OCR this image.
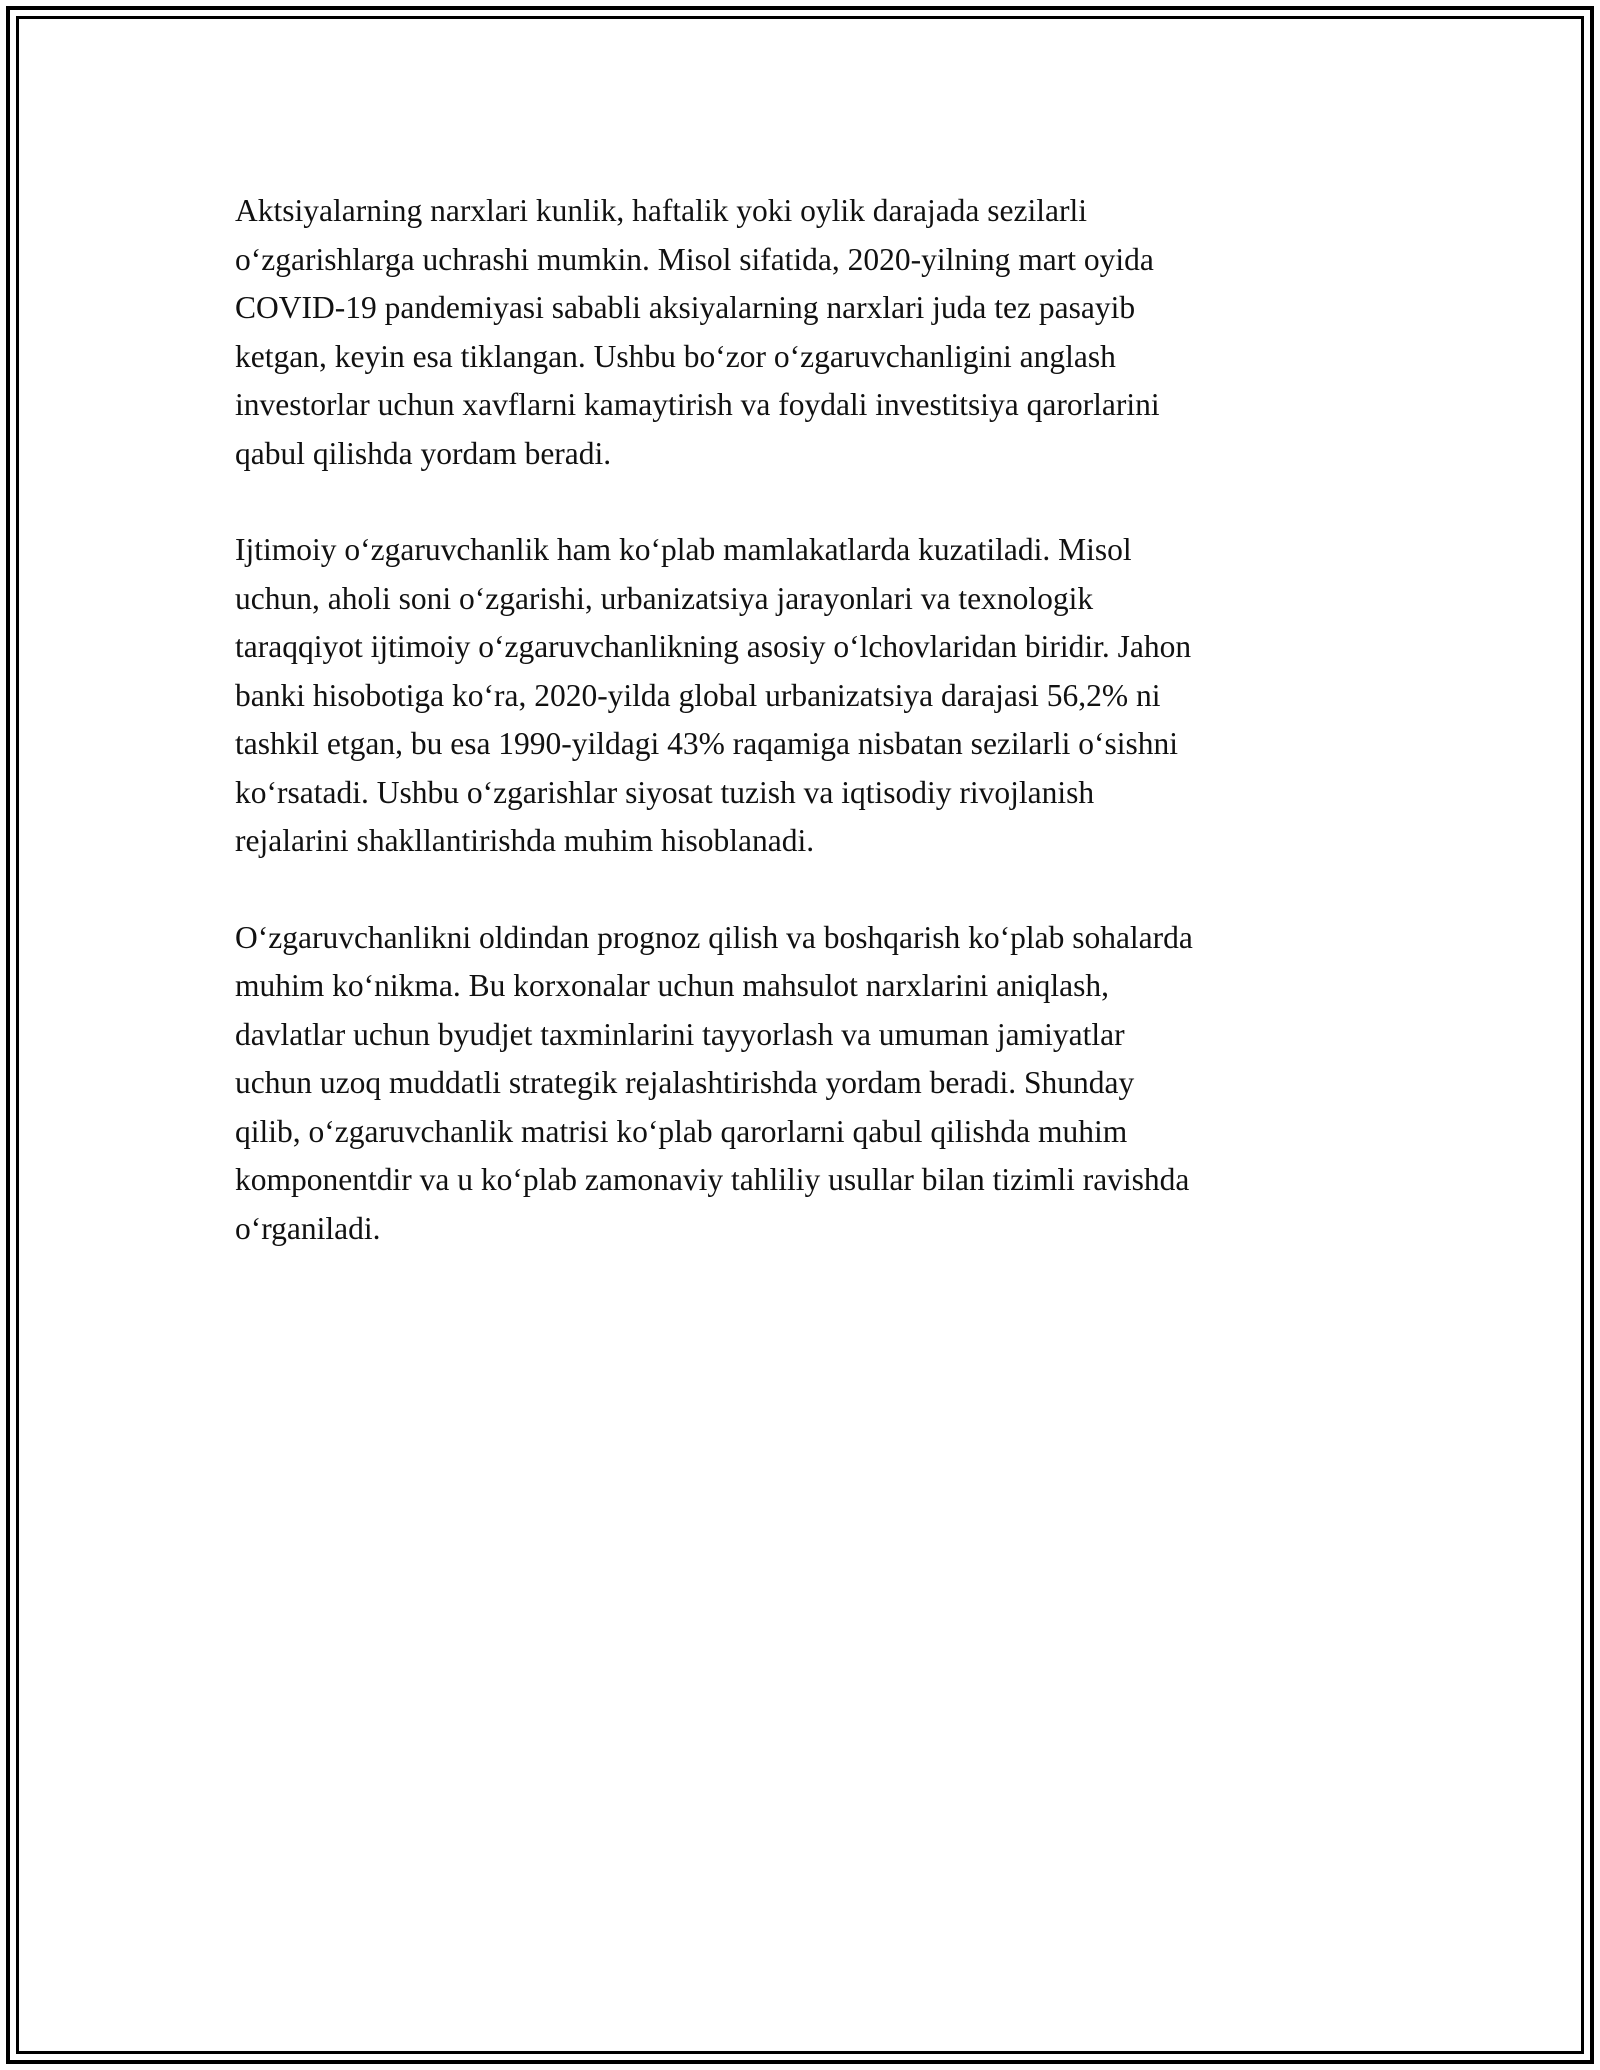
Aktsiyalarning narxlari kunlik, haftalik yoki oylik darajada sezilarli
o‘zgarishlarga uchrashi mumkin. Misol sifatida, 2020-yilning mart oyida
COVID-19 pandemiyasi sababli aksiyalarning narxlari juda tez pasayib
ketgan, keyin esa tiklangan. Ushbu bo‘zor o‘zgaruvchanligini anglash
investorlar uchun xavflarni kamaytirish va foydali investitsiya qarorlarini
qabul qilishda yordam beradi.

Ijtimoiy o‘zgaruvchanlik ham ko‘plab mamlakatlarda kuzatiladi. Misol
uchun, aholi soni o‘zgarishi, urbanizatsiya jarayonlari va texnologik
taraqqiyot ijtimoiy o‘zgaruvchanlikning asosiy o‘lchovlaridan biridir. Jahon
banki hisobotiga ko‘ra, 2020-yilda global urbanizatsiya darajasi 56,2% ni
tashkil etgan, bu esa 1990-yildagi 43% raqamiga nisbatan sezilarli o‘sishni
ko‘rsatadi. Ushbu o‘zgarishlar siyosat tuzish va iqtisodiy rivojlanish
rejalarini shakllantirishda muhim hisoblanadi.

O‘zgaruvchanlikni oldindan prognoz qilish va boshqarish ko‘plab sohalarda
muhim ko‘nikma. Bu korxonalar uchun mahsulot narxlarini aniqlash,
davlatlar uchun byudjet taxminlarini tayyorlash va umuman jamiyatlar
uchun uzoq muddatli strategik rejalashtirishda yordam beradi. Shunday
qilib, o‘zgaruvchanlik matrisi ko‘plab qarorlarni qabul qilishda muhim
komponentdir va u ko‘plab zamonaviy tahliliy usullar bilan tizimli ravishda
o‘rganiladi.
